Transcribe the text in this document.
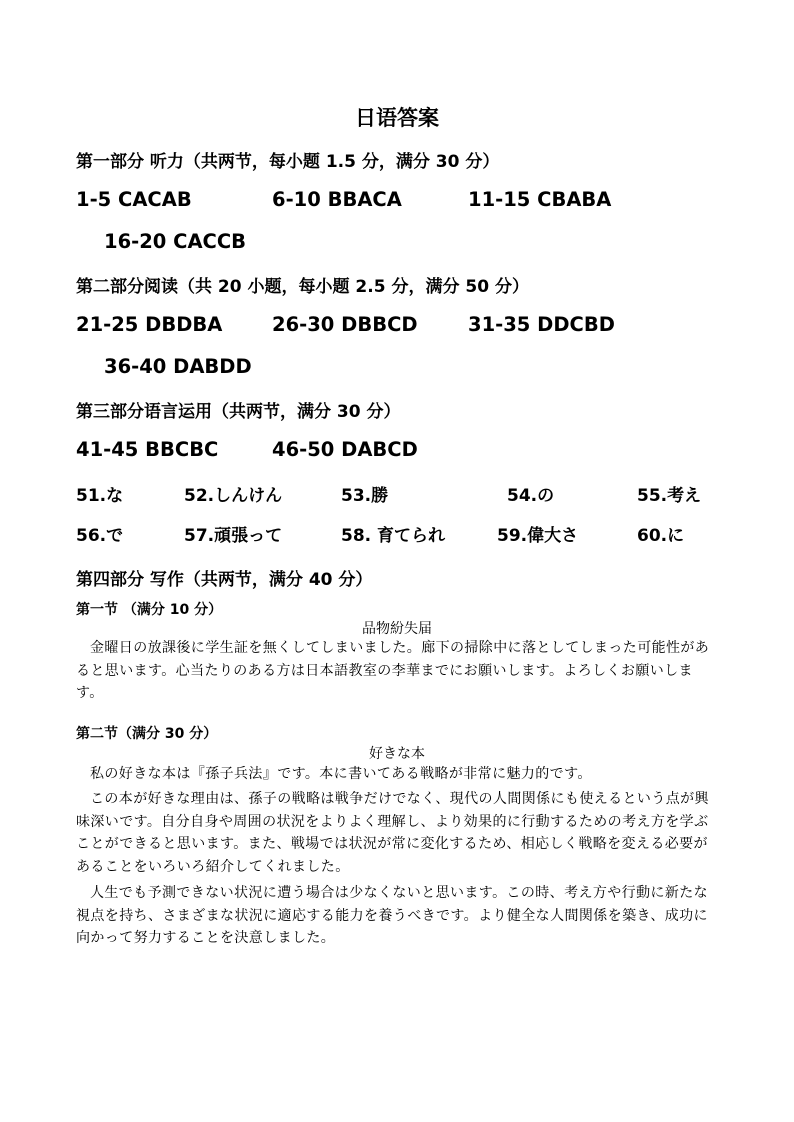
日语答案
第一部分 听力（共两节，每小题 1.5 分，满分 30 分）
1-5 CACAB	6-10 BBACA	11-15 CBABA
16-20 CACCB
第二部分阅读（共 20 小题，每小题 2.5 分，满分 50 分）
21-25 DBDBA	26-30 DBBCD	31-35 DDCBD
36-40 DABDD
第三部分语言运用（共两节，满分 30 分）
41-45 BBCBC	46-50 DABCD
51.な	52.しんけん	53.勝	54.の	55.考え
56.で	57.頑張って	58. 育てられ	59.偉大さ	60.に
第四部分 写作（共两节，满分 40 分）
第一节 （满分 10 分）
品物紛失届

金曜日の放課後に学生証を無くしてしまいました。廊下の掃除中に落としてしまった可能性があると思います。心当たりのある方は日本語教室の李華までにお願いします。よろしくお願いします。

第二节（满分 30 分）
好きな本

私の好きな本は『孫子兵法』です。本に書いてある戦略が非常に魅力的です。

この本が好きな理由は、孫子の戦略は戦争だけでなく、現代の人間関係にも使えるという点が興味深いです。自分自身や周囲の状況をよりよく理解し、より効果的に行動するための考え方を学ぶことができると思います。また、戦場では状況が常に変化するため、相応しく戦略を変える必要があることをいろいろ紹介してくれました。

人生でも予測できない状況に遭う場合は少なくないと思います。この時、考え方や行動に新たな視点を持ち、さまざまな状況に適応する能力を養うべきです。より健全な人間関係を築き、成功に向かって努力することを決意しました。
